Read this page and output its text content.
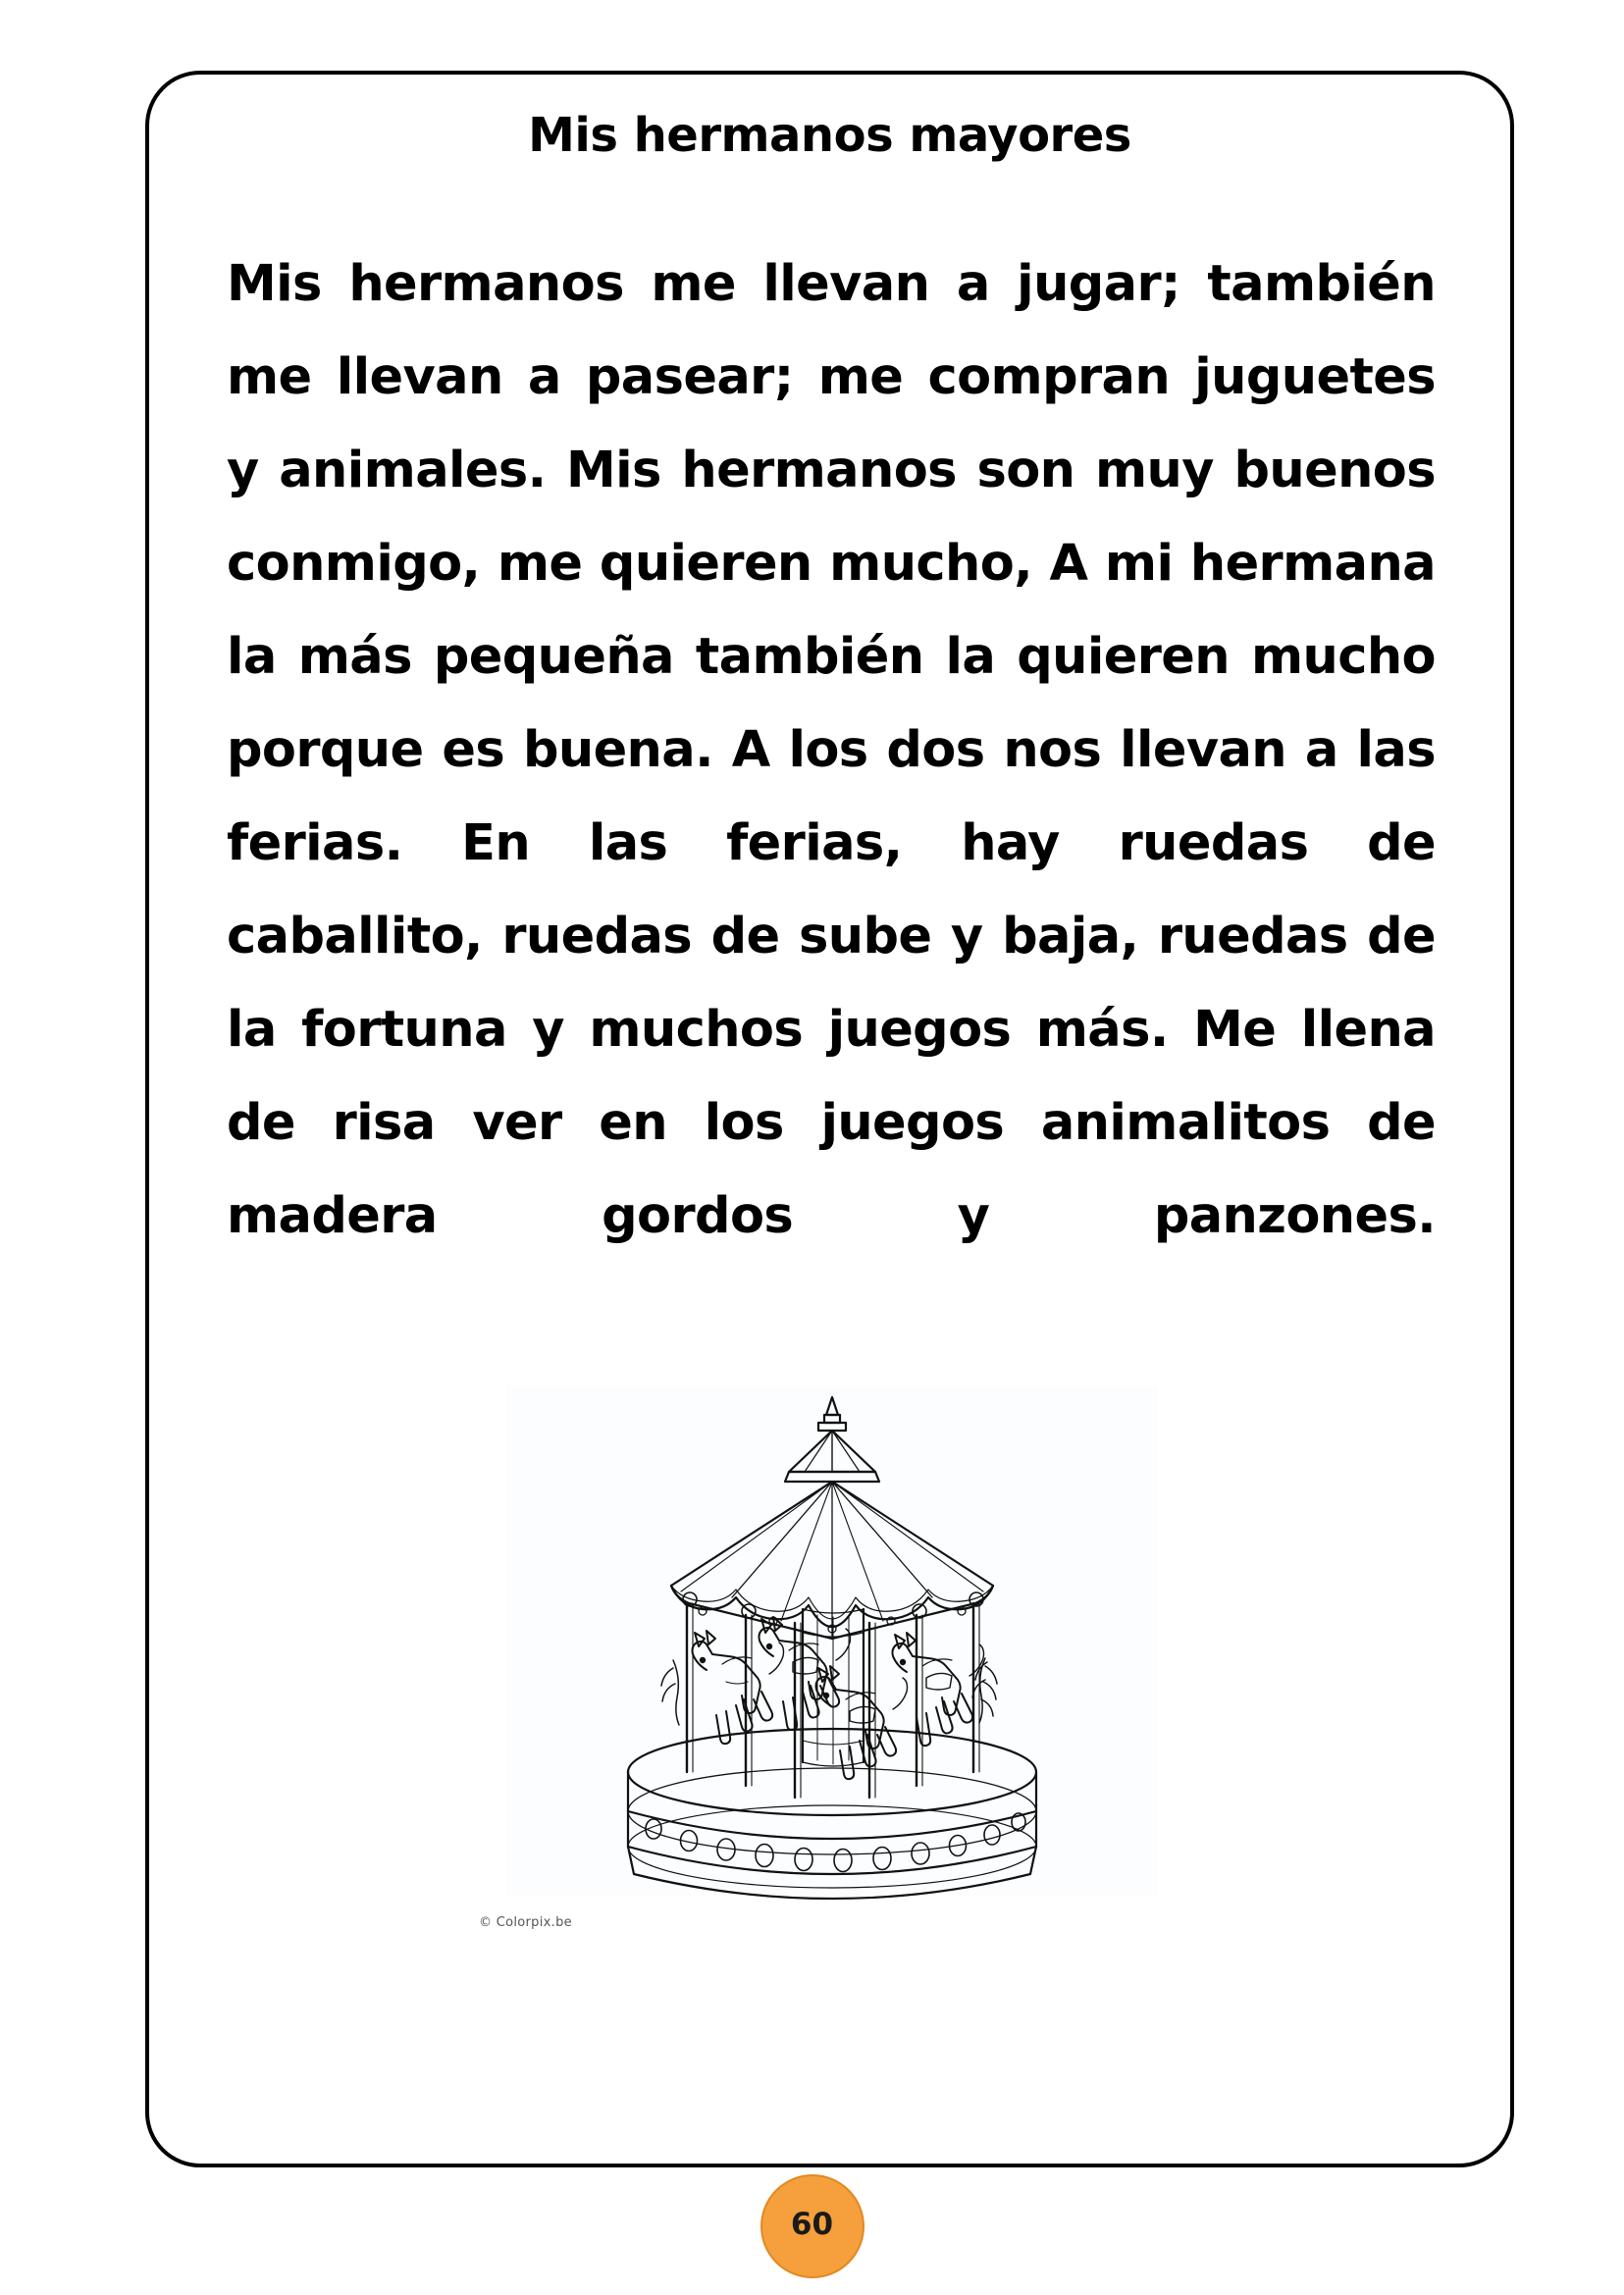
Mis hermanos mayores
Mis hermanos me llevan a jugar; también me llevan a pasear; me compran juguetes y animales. Mis hermanos son muy buenos conmigo, me quieren mucho, A mi hermana la más pequeña también la quieren mucho porque es buena. A los dos nos llevan a las ferias. En las ferias, hay ruedas de caballito, ruedas de sube y baja, ruedas de la fortuna y muchos juegos más. Me llena de risa ver en los juegos animalitos de madera gordos y panzones.
© Colorpix.be
60
